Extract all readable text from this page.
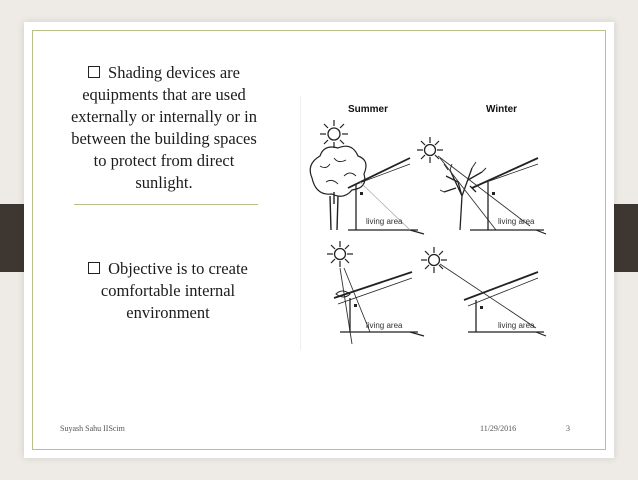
Shading devices are equipments that are used externally or internally or in between the building spaces to protect from direct sunlight.
Objective is to create comfortable internal environment
Summer	Winter
living area	living area
living area	living area
Suyash Sahu IIScim	11/29/2016	3
